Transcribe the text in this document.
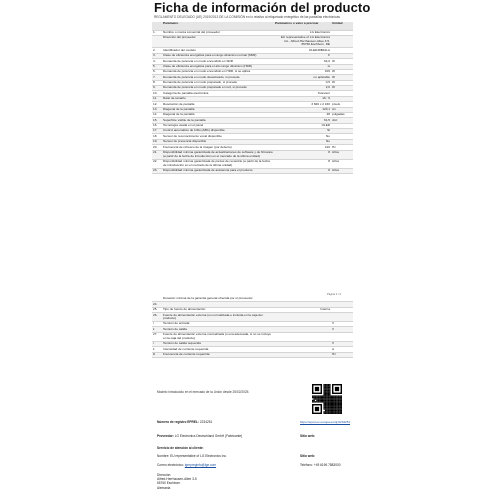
Ficha de información del producto
REGLAMENTO DELEGADO (UE) 2019/2013 DE LA COMISIÓN en lo relativo al etiquetado energético de las pantallas electrónicas
	Parámetro	Parámetros o valor a precisar	Unidad
1.	Nombre o marca comercial del proveedor	LG Electronics	
	Dirección del proveedor	EU representative of LG Electronics Inc., Alfred-Herrhausen-Allee 3-5, 65760 Eschborn, DE	
2.	Identificador del modelo	OLED48B42LA	
3.	Clase de eficiencia energética para el rango dinámico normal (SDR)	F	
4.	Demanda de potencia en modo encendido en SDR	64,0	W
5.	Clase de eficiencia energética para el alto rango dinámico (HDR)	G	
6.	Demanda de potencia en modo encendido en HDR, si se aplica	109	W
7.	Demanda de potencia en modo desactivado, si procede	no aplicable	W
8.	Demanda de potencia en modo preparado, si procede	0,5	W
9.	Demanda de potencia en modo preparado en red, si procede	2,0	W
10.	Categoría de pantalla electrónica	Televisor	
11.	Ratio de tamaño	16 : 9	
12.	Resolución de pantalla	3 840 x 2 160	píxels
13.	Diagonal de la pantalla	120,1	cm
14.	Diagonal de la pantalla	48	pulgadas
15.	Superficie visible de la pantalla	61,5	dm²
16.	Tecnología usada en el panel	OLED	
17.	Control automático de brillo (ABC) disponible	SÍ	
18.	Sensor de reconocimiento vocal disponible	No	
19.	Sensor de presencia disponible	No	
20.	Frecuencia de refresco de la imagen (por defecto)	120	Hz
21.	Disponibilidad mínima garantizada de actualizaciones de software y de firmware (a partir de la fecha de introducción en el mercado de la última unidad)	8	Años
22.	Disponibilidad mínima garantizada de piezas de recambio (a partir de la fecha de introducción en el mercado de la última unidad)	8	Años
23.	Disponibilidad mínima garantizada de asistencia para el producto	8	Años
Página 2 / 3
	Duración mínima de la garantía general ofrecida por el proveedor		
24.			
25.	Tipo de fuente de alimentación:	Interna	
26.	Fuente de alimentación externa (no normalizada e incluida en la caja del producto)		
i	Tensión de entrada		V
ii	Tensión de salida		V
27.	Fuente de alimentación externa normalizada (o una adecuada, si no se incluye en la caja del producto)		
i	Tensión de salida requerida		V
ii	Intensidad de corriente requerida		A
iii	Frecuencia de corriente requerida		Hz
Modelo introducido en el mercado de la Unión desde 25/02/2025.
Número de registro EPREL: 2234251	https://eprel.ec.europa.eu/qr/2234251
Proveedor: LG Electronics Deutschland GmbH (Fabricante)	Sitio web:
Servicio de atención al cliente:
Nombre: EU representative of LG Electronics Inc.	Sitio web:
Correo electrónico: lgerpreginfo@lge.com	Teléfono: +49 6196 7883000
Dirección:
Alfred-Herrhausen-Allee 3-5
65760 Eschborn
Alemania
